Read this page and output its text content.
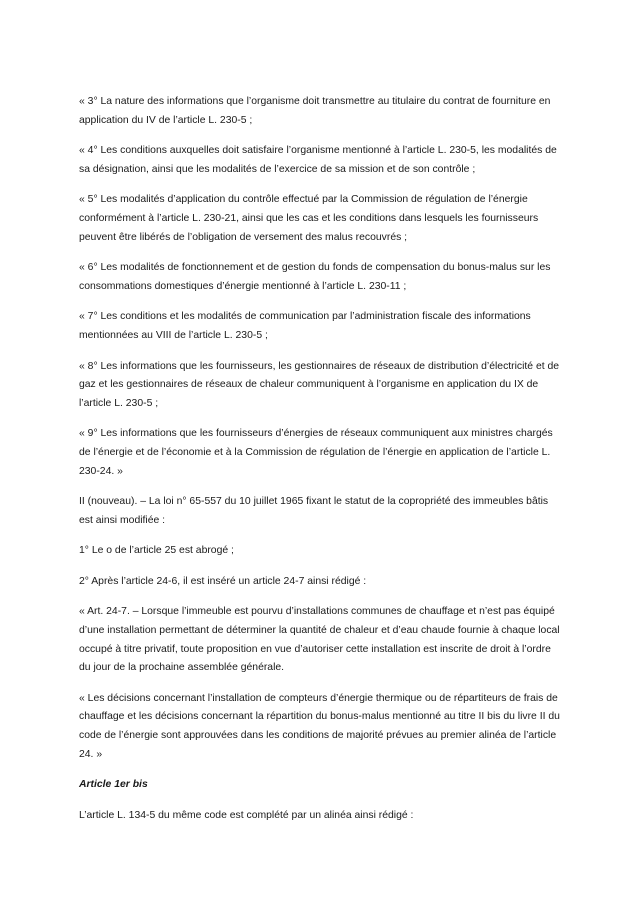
« 3° La nature des informations que l’organisme doit transmettre au titulaire du contrat de fourniture en application du IV de l’article L. 230-5 ;

« 4° Les conditions auxquelles doit satisfaire l’organisme mentionné à l’article L. 230-5, les modalités de sa désignation, ainsi que les modalités de l’exercice de sa mission et de son contrôle ;

« 5° Les modalités d’application du contrôle effectué par la Commission de régulation de l’énergie conformément à l’article L. 230-21, ainsi que les cas et les conditions dans lesquels les fournisseurs peuvent être libérés de l’obligation de versement des malus recouvrés ;

« 6° Les modalités de fonctionnement et de gestion du fonds de compensation du bonus-malus sur les consommations domestiques d’énergie mentionné à l’article L. 230-11 ;

« 7° Les conditions et les modalités de communication par l’administration fiscale des informations mentionnées au VIII de l’article L. 230-5 ;

« 8° Les informations que les fournisseurs, les gestionnaires de réseaux de distribution d’électricité et de gaz et les gestionnaires de réseaux de chaleur communiquent à l’organisme en application du IX de l’article L. 230-5 ;

« 9° Les informations que les fournisseurs d’énergies de réseaux communiquent aux ministres chargés de l’énergie et de l’économie et à la Commission de régulation de l’énergie en application de l’article L. 230-24. »

II (nouveau). – La loi n° 65-557 du 10 juillet 1965 fixant le statut de la copropriété des immeubles bâtis est ainsi modifiée :

1° Le o de l’article 25 est abrogé ;

2° Après l’article 24-6, il est inséré un article 24-7 ainsi rédigé :

« Art. 24-7. – Lorsque l’immeuble est pourvu d’installations communes de chauffage et n’est pas équipé d’une installation permettant de déterminer la quantité de chaleur et d’eau chaude fournie à chaque local occupé à titre privatif, toute proposition en vue d’autoriser cette installation est inscrite de droit à l’ordre du jour de la prochaine assemblée générale.

« Les décisions concernant l’installation de compteurs d’énergie thermique ou de répartiteurs de frais de chauffage et les décisions concernant la répartition du bonus-malus mentionné au titre II bis du livre II du code de l’énergie sont approuvées dans les conditions de majorité prévues au premier alinéa de l’article 24. »

Article 1er bis

L’article L. 134-5 du même code est complété par un alinéa ainsi rédigé :
